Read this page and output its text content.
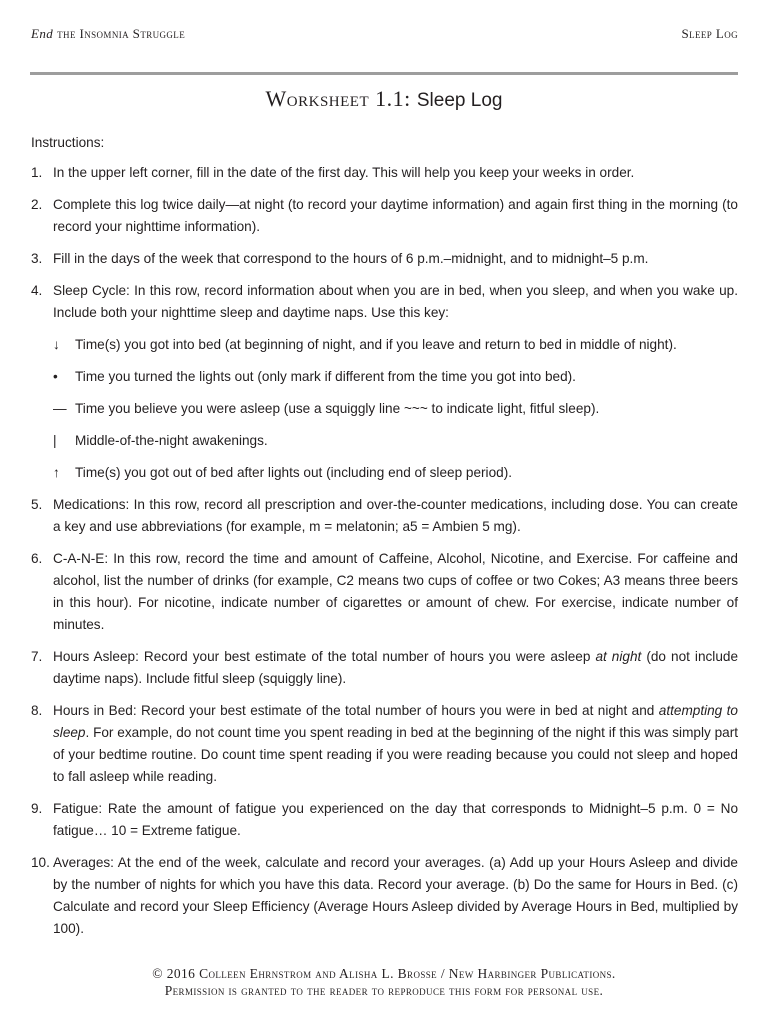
End the Insomnia Struggle	Sleep Log
Worksheet 1.1: Sleep Log
Instructions:
1. In the upper left corner, fill in the date of the first day. This will help you keep your weeks in order.
2. Complete this log twice daily—at night (to record your daytime information) and again first thing in the morning (to record your nighttime information).
3. Fill in the days of the week that correspond to the hours of 6 p.m.–midnight, and to midnight–5 p.m.
4. Sleep Cycle: In this row, record information about when you are in bed, when you sleep, and when you wake up. Include both your nighttime sleep and daytime naps. Use this key:
↓	Time(s) you got into bed (at beginning of night, and if you leave and return to bed in middle of night).
•	Time you turned the lights out (only mark if different from the time you got into bed).
— Time you believe you were asleep (use a squiggly line ~~~ to indicate light, fitful sleep).
|	Middle-of-the-night awakenings.
↑	Time(s) you got out of bed after lights out (including end of sleep period).
5. Medications: In this row, record all prescription and over-the-counter medications, including dose. You can create a key and use abbreviations (for example, m = melatonin; a5 = Ambien 5 mg).
6. C-A-N-E: In this row, record the time and amount of Caffeine, Alcohol, Nicotine, and Exercise. For caffeine and alcohol, list the number of drinks (for example, C2 means two cups of coffee or two Cokes; A3 means three beers in this hour). For nicotine, indicate number of cigarettes or amount of chew. For exercise, indicate number of minutes.
7. Hours Asleep: Record your best estimate of the total number of hours you were asleep at night (do not include daytime naps). Include fitful sleep (squiggly line).
8. Hours in Bed: Record your best estimate of the total number of hours you were in bed at night and attempting to sleep. For example, do not count time you spent reading in bed at the beginning of the night if this was simply part of your bedtime routine. Do count time spent reading if you were reading because you could not sleep and hoped to fall asleep while reading.
9. Fatigue: Rate the amount of fatigue you experienced on the day that corresponds to Midnight–5 p.m. 0 = No fatigue… 10 = Extreme fatigue.
10. Averages: At the end of the week, calculate and record your averages. (a) Add up your Hours Asleep and divide by the number of nights for which you have this data. Record your average. (b) Do the same for Hours in Bed. (c) Calculate and record your Sleep Efficiency (Average Hours Asleep divided by Average Hours in Bed, multiplied by 100).
© 2016 Colleen Ehrnstrom and Alisha L. Brosse / New Harbinger Publications.
Permission is granted to the reader to reproduce this form for personal use.
